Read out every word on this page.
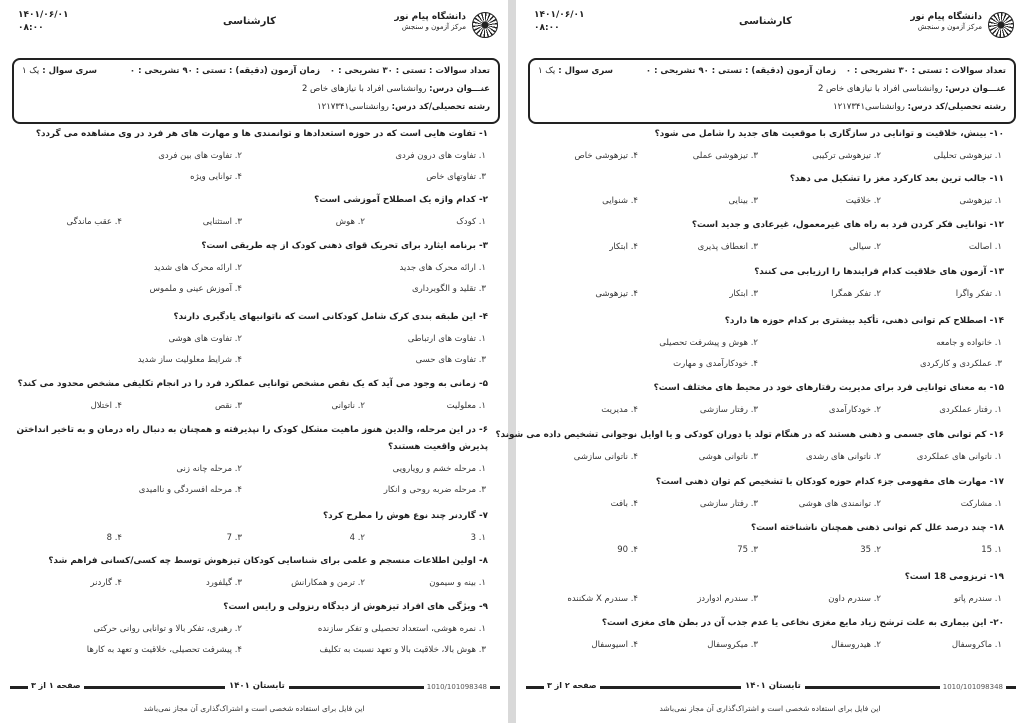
دانشگاه پیام نور
مرکز آزمون و سنجش
کارشناسی
۱۴۰۱/۰۶/۰۱
۰۸:۰۰
تعداد سوالات : تستی : ۳۰ تشریحی : ۰
زمان آزمون (دقیقه) : تستی : ۹۰ تشریحی : ۰
سری سوال : یک ۱
عنـــوان درس: روانشناسی افراد با نیازهای خاص 2
رشته تحصیلی/کد درس: روانشناسی۱۲۱۷۳۴۱
۱- تفاوت هایی است که در حوزه استعدادها و توانمندی ها و مهارت های هر فرد در وی مشاهده می گردد؟
۱. تفاوت های درون فردی
۲. تفاوت های بین فردی
۳. تفاوتهای خاص
۴. توانایی ویژه
۲- کدام واژه یک اصطلاح آموزشی است؟
۱. کودک
۲. هوش
۳. استثنایی
۴. عقب ماندگی
۳- برنامه ایثارد برای تحریک قوای ذهنی کودک از چه طریقی است؟
۱. ارائه محرک های جدید
۲. ارائه محرک های شدید
۳. تقلید و الگوبرداری
۴. آموزش عینی و ملموس
۴- این طبقه بندی کرک شامل کودکانی است که ناتوانیهای یادگیری دارند؟
۱. تفاوت های ارتباطی
۲. تفاوت های هوشی
۳. تفاوت های حسی
۴. شرایط معلولیت ساز شدید
۵- زمانی به وجود می آید که یک نقص مشخص توانایی عملکرد فرد را در انجام تکلیفی مشخص محدود می کند؟
۱. معلولیت
۲. ناتوانی
۳. نقص
۴. اختلال
۶- در این مرحله، والدین هنوز ماهیت مشکل کودک را نپذیرفته و همچنان به دنبال راه درمان و به تاخیر انداختن پذیرش واقعیت هستند؟
۱. مرحله خشم و رویارویی
۲. مرحله چانه زنی
۳. مرحله ضربه روحی و انکار
۴. مرحله افسردگی و ناامیدی
۷- گاردنر چند نوع هوش را مطرح کرد؟
۱. 3
۲. 4
۳. 7
۴. 8
۸- اولین اطلاعات منسجم و علمی برای شناسایی کودکان تیزهوش توسط چه کسی/کسانی فراهم شد؟
۱. بینه و سیمون
۲. ترمن و همکارانش
۳. گیلفورد
۴. گاردنر
۹- ویژگی های افراد تیزهوش از دیدگاه رنزولی و رایس است؟
۱. نمره هوشی، استعداد تحصیلی و تفکر سازنده
۲. رهبری، تفکر بالا و توانایی روانی حرکتی
۳. هوش بالا، خلاقیت بالا و تعهد نسبت به تکلیف
۴. پیشرفت تحصیلی، خلاقیت و تعهد به کارها
صفحه ۱ از ۳	تابستان ۱۴۰۱	1010/101098348
این فایل برای استفاده شخصی است و اشتراک‌گذاری آن مجاز نمی‌باشد
دانشگاه پیام نور
مرکز آزمون و سنجش
کارشناسی
۱۴۰۱/۰۶/۰۱
۰۸:۰۰
تعداد سوالات : تستی : ۳۰ تشریحی : ۰
زمان آزمون (دقیقه) : تستی : ۹۰ تشریحی : ۰
سری سوال : یک ۱
عنـــوان درس: روانشناسی افراد با نیازهای خاص 2
رشته تحصیلی/کد درس: روانشناسی۱۲۱۷۳۴۱
۱۰- بینش، خلاقیت و توانایی در سازگاری با موقعیت های جدید را شامل می شود؟
۱. تیزهوشی تحلیلی
۲. تیزهوشی ترکیبی
۳. تیزهوشی عملی
۴. تیزهوشی خاص
۱۱- جالب ترین بعد کارکرد مغز را تشکیل می دهد؟
۱. تیزهوشی
۲. خلاقیت
۳. بینایی
۴. شنوایی
۱۲- توانایی فکر کردن فرد به راه های غیرمعمول، غیرعادی و جدید است؟
۱. اصالت
۲. سیالی
۳. انعطاف پذیری
۴. ابتکار
۱۳- آزمون های خلاقیت کدام فرایندها را ارزیابی می کنند؟
۱. تفکر واگرا
۲. تفکر همگرا
۳. ابتکار
۴. تیزهوشی
۱۴- اصطلاح کم توانی ذهنی، تأکید بیشتری بر کدام حوزه ها دارد؟
۱. خانواده و جامعه
۲. هوش و پیشرفت تحصیلی
۳. عملکردی و کارکردی
۴. خودکارآمدی و مهارت
۱۵- به معنای توانایی فرد برای مدیریت رفتارهای خود در محیط های مختلف است؟
۱. رفتار عملکردی
۲. خودکارآمدی
۳. رفتار سازشی
۴. مدیریت
۱۶- کم توانی های جسمی و ذهنی هستند که در هنگام تولد یا دوران کودکی و یا اوایل نوجوانی تشخیص داده می شوند؟
۱. ناتوانی های عملکردی
۲. ناتوانی های رشدی
۳. ناتوانی هوشی
۴. ناتوانی سازشی
۱۷- مهارت های مفهومی جزء کدام حوزه کودکان با تشخیص کم توان ذهنی است؟
۱. مشارکت
۲. توانمندی های هوشی
۳. رفتار سازشی
۴. بافت
۱۸- چند درصد علل کم توانی ذهنی همچنان ناشناخته است؟
۱. 15
۲. 35
۳. 75
۴. 90
۱۹- تریزومی 18 است؟
۱. سندرم پاتو
۲. سندرم داون
۳. سندرم ادواردز
۴. سندرم X شکننده
۲۰- این بیماری به علت ترشح زیاد مایع مغزی نخاعی یا عدم جذب آن در بطن های مغزی است؟
۱. ماکروسفال
۲. هیدروسفال
۳. میکروسفال
۴. اسیوسفال
صفحه ۲ از ۳	تابستان ۱۴۰۱	1010/101098348
این فایل برای استفاده شخصی است و اشتراک‌گذاری آن مجاز نمی‌باشد
